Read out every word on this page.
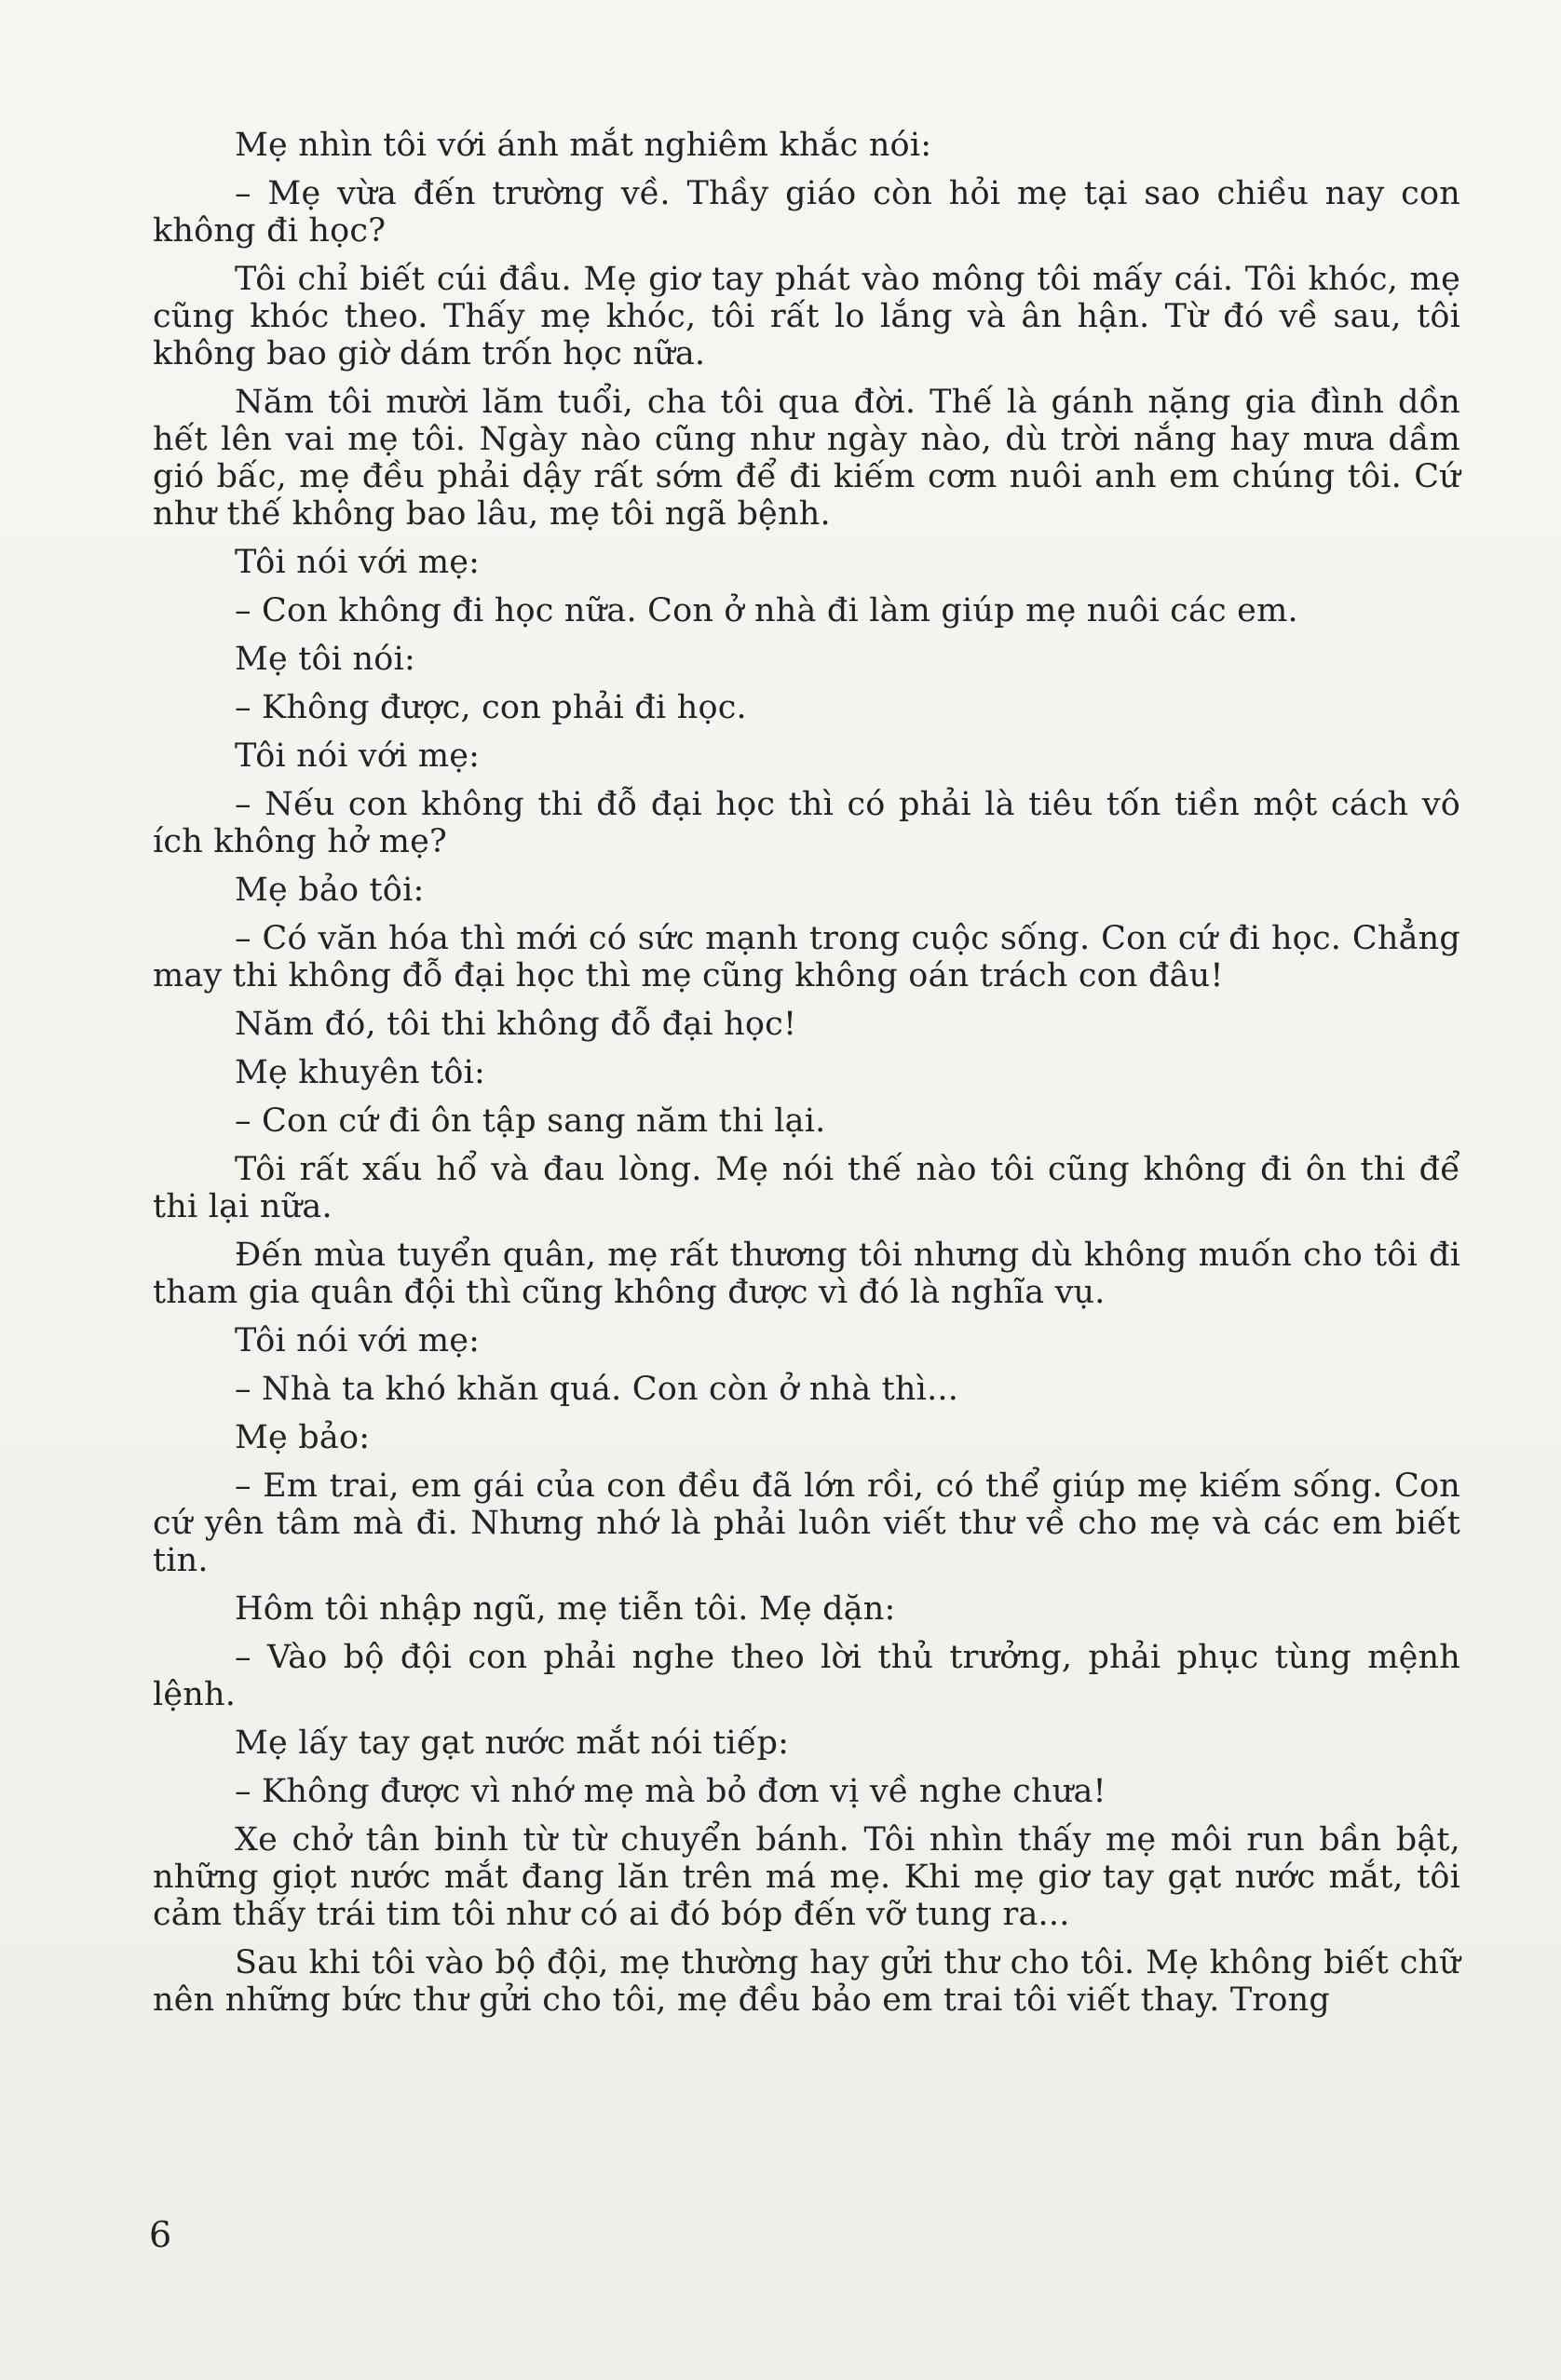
Mẹ nhìn tôi với ánh mắt nghiêm khắc nói:

– Mẹ vừa đến trường về. Thầy giáo còn hỏi mẹ tại sao chiều nay con không đi học?

Tôi chỉ biết cúi đầu. Mẹ giơ tay phát vào mông tôi mấy cái. Tôi khóc, mẹ cũng khóc theo. Thấy mẹ khóc, tôi rất lo lắng và ân hận. Từ đó về sau, tôi không bao giờ dám trốn học nữa.

Năm tôi mười lăm tuổi, cha tôi qua đời. Thế là gánh nặng gia đình dồn hết lên vai mẹ tôi. Ngày nào cũng như ngày nào, dù trời nắng hay mưa dầm gió bấc, mẹ đều phải dậy rất sớm để đi kiếm cơm nuôi anh em chúng tôi. Cứ như thế không bao lâu, mẹ tôi ngã bệnh.

Tôi nói với mẹ:

– Con không đi học nữa. Con ở nhà đi làm giúp mẹ nuôi các em.

Mẹ tôi nói:

– Không được, con phải đi học.

Tôi nói với mẹ:

– Nếu con không thi đỗ đại học thì có phải là tiêu tốn tiền một cách vô ích không hở mẹ?

Mẹ bảo tôi:

– Có văn hóa thì mới có sức mạnh trong cuộc sống. Con cứ đi học. Chẳng may thi không đỗ đại học thì mẹ cũng không oán trách con đâu!

Năm đó, tôi thi không đỗ đại học!

Mẹ khuyên tôi:

– Con cứ đi ôn tập sang năm thi lại.

Tôi rất xấu hổ và đau lòng. Mẹ nói thế nào tôi cũng không đi ôn thi để thi lại nữa.

Đến mùa tuyển quân, mẹ rất thương tôi nhưng dù không muốn cho tôi đi tham gia quân đội thì cũng không được vì đó là nghĩa vụ.

Tôi nói với mẹ:

– Nhà ta khó khăn quá. Con còn ở nhà thì...

Mẹ bảo:

– Em trai, em gái của con đều đã lớn rồi, có thể giúp mẹ kiếm sống. Con cứ yên tâm mà đi. Nhưng nhớ là phải luôn viết thư về cho mẹ và các em biết tin.

Hôm tôi nhập ngũ, mẹ tiễn tôi. Mẹ dặn:

– Vào bộ đội con phải nghe theo lời thủ trưởng, phải phục tùng mệnh lệnh.

Mẹ lấy tay gạt nước mắt nói tiếp:

– Không được vì nhớ mẹ mà bỏ đơn vị về nghe chưa!

Xe chở tân binh từ từ chuyển bánh. Tôi nhìn thấy mẹ môi run bần bật, những giọt nước mắt đang lăn trên má mẹ. Khi mẹ giơ tay gạt nước mắt, tôi cảm thấy trái tim tôi như có ai đó bóp đến vỡ tung ra...

Sau khi tôi vào bộ đội, mẹ thường hay gửi thư cho tôi. Mẹ không biết chữ nên những bức thư gửi cho tôi, mẹ đều bảo em trai tôi viết thay. Trong

6
